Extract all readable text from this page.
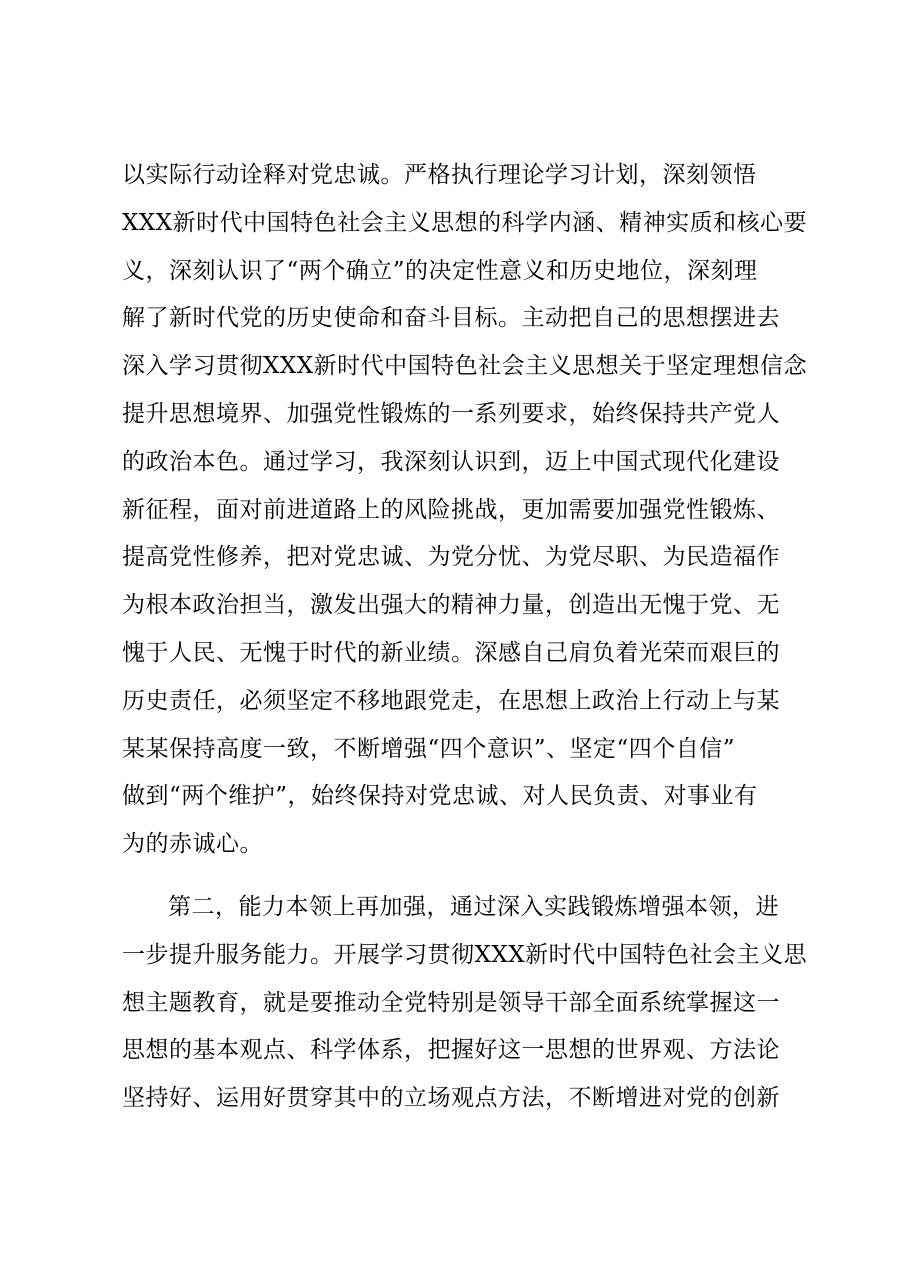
以实际行动诠释对党忠诚。严格执行理论学习计划，深刻领悟
XXX新时代中国特色社会主义思想的科学内涵、精神实质和核心要
义，深刻认识了“两个确立”的决定性意义和历史地位，深刻理
解了新时代党的历史使命和奋斗目标。主动把自己的思想摆进去
深入学习贯彻XXX新时代中国特色社会主义思想关于坚定理想信念
提升思想境界、加强党性锻炼的一系列要求，始终保持共产党人
的政治本色。通过学习，我深刻认识到，迈上中国式现代化建设
新征程，面对前进道路上的风险挑战，更加需要加强党性锻炼、
提高党性修养，把对党忠诚、为党分忧、为党尽职、为民造福作
为根本政治担当，激发出强大的精神力量，创造出无愧于党、无
愧于人民、无愧于时代的新业绩。深感自己肩负着光荣而艰巨的
历史责任，必须坚定不移地跟党走，在思想上政治上行动上与某
某某保持高度一致，不断增强“四个意识”、坚定“四个自信”
做到“两个维护”，始终保持对党忠诚、对人民负责、对事业有
为的赤诚心。
第二，能力本领上再加强，通过深入实践锻炼增强本领，进
一步提升服务能力。开展学习贯彻XXX新时代中国特色社会主义思
想主题教育，就是要推动全党特别是领导干部全面系统掌握这一
思想的基本观点、科学体系，把握好这一思想的世界观、方法论
坚持好、运用好贯穿其中的立场观点方法，不断增进对党的创新
